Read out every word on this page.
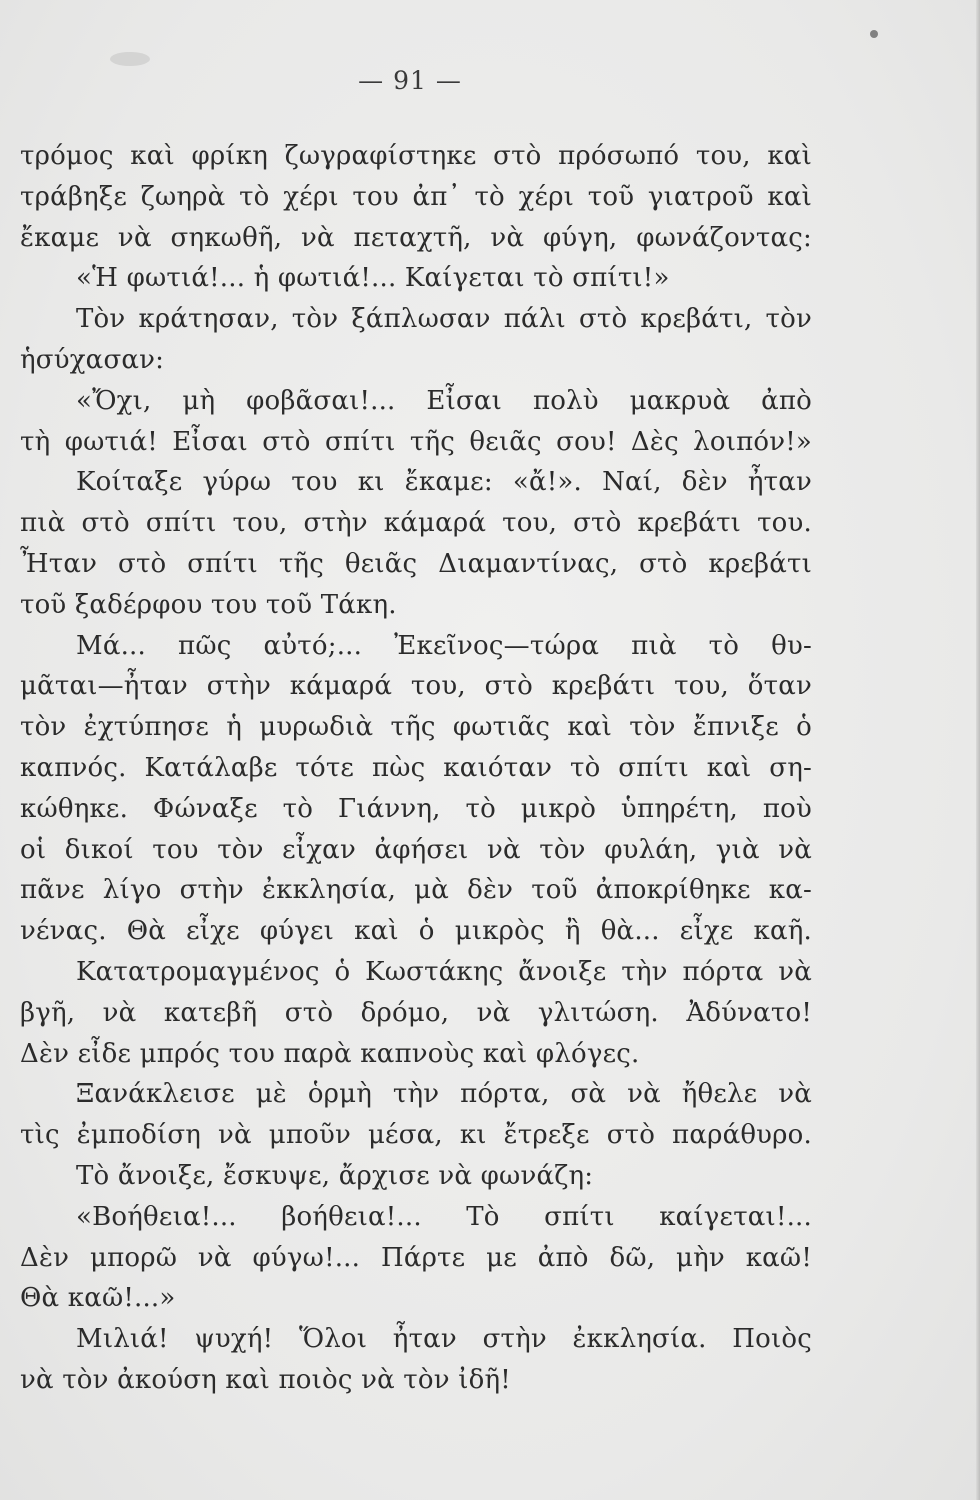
— 91 —
τρόμος καὶ φρίκη ζωγραφίστηκε στὸ πρόσωπό του, καὶ
τράβηξε ζωηρὰ τὸ χέρι του ἀπ᾿ τὸ χέρι τοῦ γιατροῦ καὶ
ἔκαμε νὰ σηκωθῆ, νὰ πεταχτῆ, νὰ φύγη, φωνάζοντας:
«Ἡ φωτιά!... ἡ φωτιά!... Καίγεται τὸ σπίτι!»
Τὸν κράτησαν, τὸν ξάπλωσαν πάλι στὸ κρεβάτι, τὸν
ἡσύχασαν:
«Ὄχι, μὴ φοβᾶσαι!... Εἶσαι πολὺ μακρυὰ ἀπὸ
τὴ φωτιά! Εἶσαι στὸ σπίτι τῆς θειᾶς σου! Δὲς λοιπόν!»
Κοίταξε γύρω του κι ἔκαμε: «ἄ!». Ναί, δὲν ἦταν
πιὰ στὸ σπίτι του, στὴν κάμαρά του, στὸ κρεβάτι του.
Ἦταν στὸ σπίτι τῆς θειᾶς Διαμαντίνας, στὸ κρεβάτι
τοῦ ξαδέρφου του τοῦ Τάκη.
Μά... πῶς αὐτό;... Ἐκεῖνος—τώρα πιὰ τὸ θυ-
μᾶται—ἦταν στὴν κάμαρά του, στὸ κρεβάτι του, ὅταν
τὸν ἐχτύπησε ἡ μυρωδιὰ τῆς φωτιᾶς καὶ τὸν ἔπνιξε ὁ
καπνός. Κατάλαβε τότε πὼς καιόταν τὸ σπίτι καὶ ση-
κώθηκε. Φώναξε τὸ Γιάννη, τὸ μικρὸ ὑπηρέτη, ποὺ
οἱ δικοί του τὸν εἶχαν ἀφήσει νὰ τὸν φυλάη, γιὰ νὰ
πᾶνε λίγο στὴν ἐκκλησία, μὰ δὲν τοῦ ἀποκρίθηκε κα-
νένας. Θὰ εἶχε φύγει καὶ ὁ μικρὸς ἢ θὰ... εἶχε καῆ.
Κατατρομαγμένος ὁ Κωστάκης ἄνοιξε τὴν πόρτα νὰ
βγῆ, νὰ κατεβῆ στὸ δρόμο, νὰ γλιτώση. Ἀδύνατο!
Δὲν εἶδε μπρός του παρὰ καπνοὺς καὶ φλόγες.
Ξανάκλεισε μὲ ὁρμὴ τὴν πόρτα, σὰ νὰ ἤθελε νὰ
τὶς ἐμποδίση νὰ μποῦν μέσα, κι ἔτρεξε στὸ παράθυρο.
Τὸ ἄνοιξε, ἔσκυψε, ἄρχισε νὰ φωνάζη:
«Βοήθεια!... βοήθεια!... Τὸ σπίτι καίγεται!...
Δὲν μπορῶ νὰ φύγω!... Πάρτε με ἀπὸ δῶ, μὴν καῶ!
Θὰ καῶ!...»
Μιλιά! ψυχή! Ὅλοι ἦταν στὴν ἐκκλησία. Ποιὸς
νὰ τὸν ἀκούση καὶ ποιὸς νὰ τὸν ἰδῆ!
